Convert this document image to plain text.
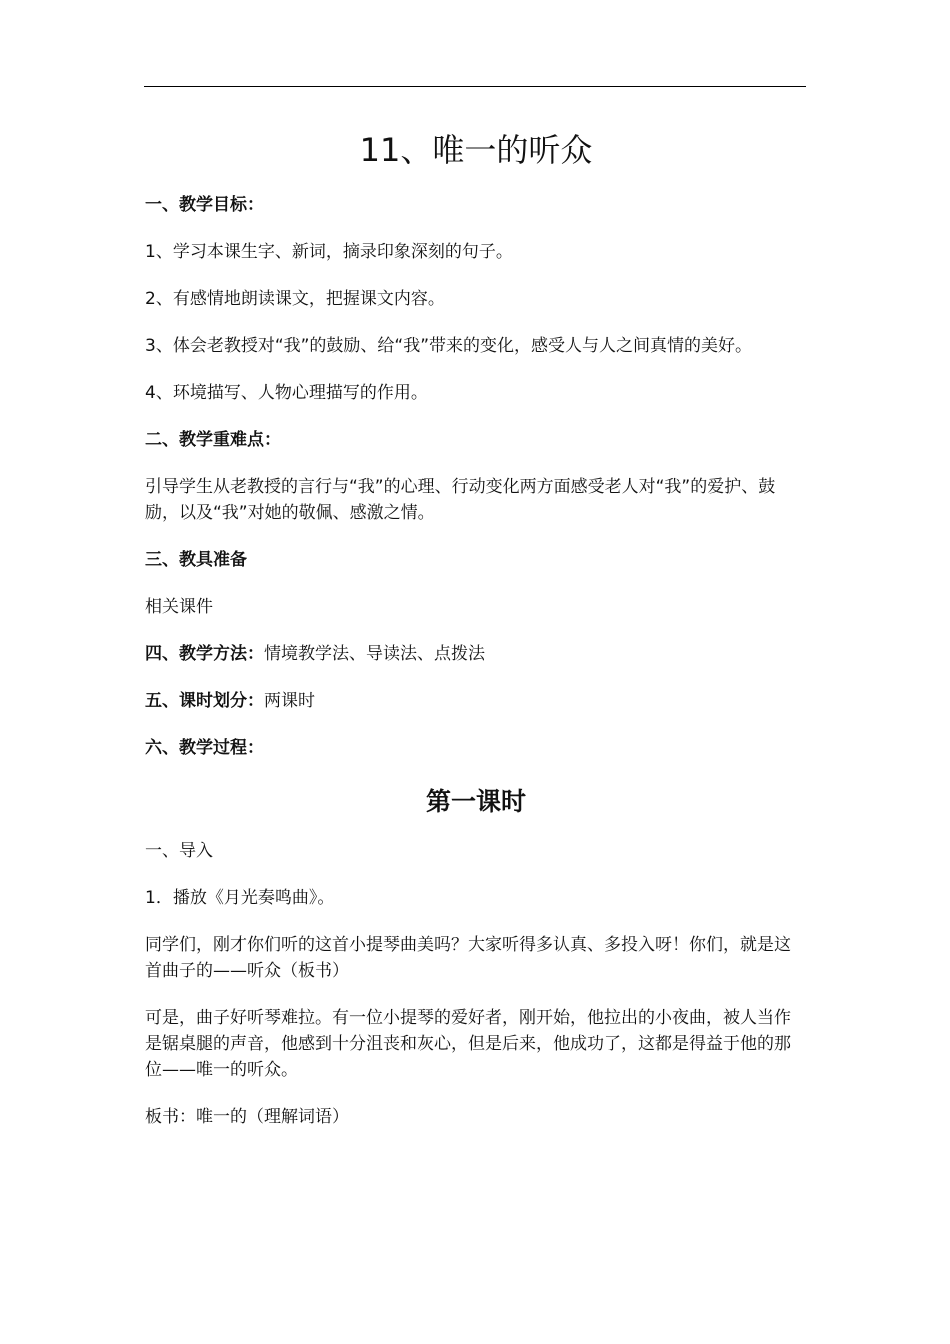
11、唯一的听众

一、教学目标：

1、学习本课生字、新词，摘录印象深刻的句子。

2、有感情地朗读课文，把握课文内容。

3、体会老教授对“我”的鼓励、给“我”带来的变化，感受人与人之间真情的美好。

4、环境描写、人物心理描写的作用。

二、教学重难点：

引导学生从老教授的言行与“我”的心理、行动变化两方面感受老人对“我”的爱护、鼓励，以及“我”对她的敬佩、感激之情。

三、教具准备

相关课件

四、教学方法：情境教学法、导读法、点拨法

五、课时划分：两课时

六、教学过程：

第一课时

一、导入

1．播放《月光奏鸣曲》。

同学们，刚才你们听的这首小提琴曲美吗？大家听得多认真、多投入呀！你们，就是这首曲子的——听众（板书）

可是，曲子好听琴难拉。有一位小提琴的爱好者，刚开始，他拉出的小夜曲，被人当作是锯桌腿的声音，他感到十分沮丧和灰心，但是后来，他成功了，这都是得益于他的那位——唯一的听众。

板书：唯一的（理解词语）
